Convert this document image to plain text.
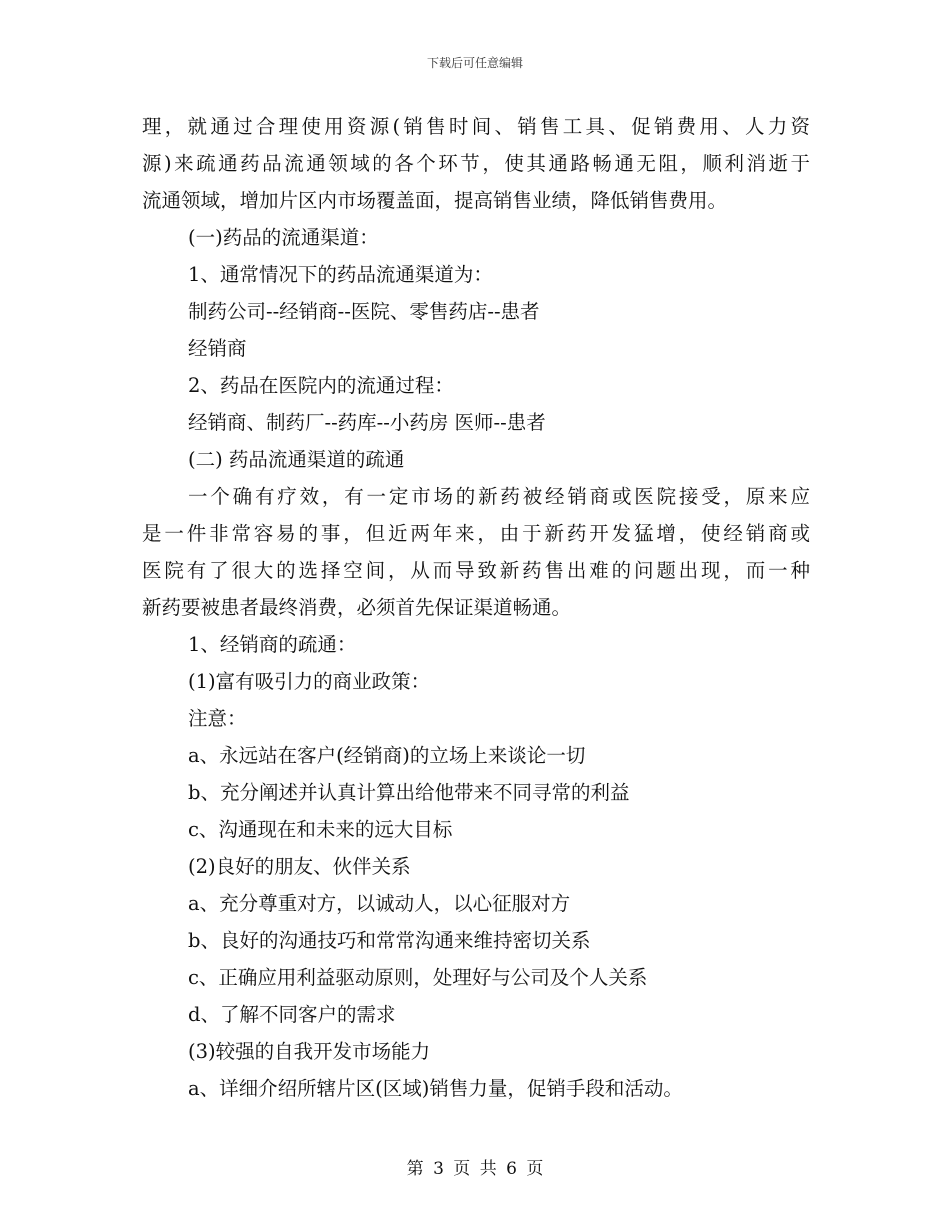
下载后可任意编辑
理，就通过合理使用资源(销售时间、销售工具、促销费用、人力资
源)来疏通药品流通领域的各个环节，使其通路畅通无阻，顺利消逝于
流通领域，增加片区内市场覆盖面，提高销售业绩，降低销售费用。
(一)药品的流通渠道：
1、通常情况下的药品流通渠道为：
制药公司--经销商--医院、零售药店--患者
经销商
2、药品在医院内的流通过程：
经销商、制药厂--药库--小药房 医师--患者
(二) 药品流通渠道的疏通
一个确有疗效，有一定市场的新药被经销商或医院接受，原来应
是一件非常容易的事，但近两年来，由于新药开发猛增，使经销商或
医院有了很大的选择空间，从而导致新药售出难的问题出现，而一种
新药要被患者最终消费，必须首先保证渠道畅通。
1、经销商的疏通：
(1)富有吸引力的商业政策：
注意：
a、永远站在客户(经销商)的立场上来谈论一切
b、充分阐述并认真计算出给他带来不同寻常的利益
c、沟通现在和未来的远大目标
(2)良好的朋友、伙伴关系
a、充分尊重对方，以诚动人，以心征服对方
b、良好的沟通技巧和常常沟通来维持密切关系
c、正确应用利益驱动原则，处理好与公司及个人关系
d、了解不同客户的需求
(3)较强的自我开发市场能力
a、详细介绍所辖片区(区域)销售力量，促销手段和活动。
第 3 页 共 6 页
